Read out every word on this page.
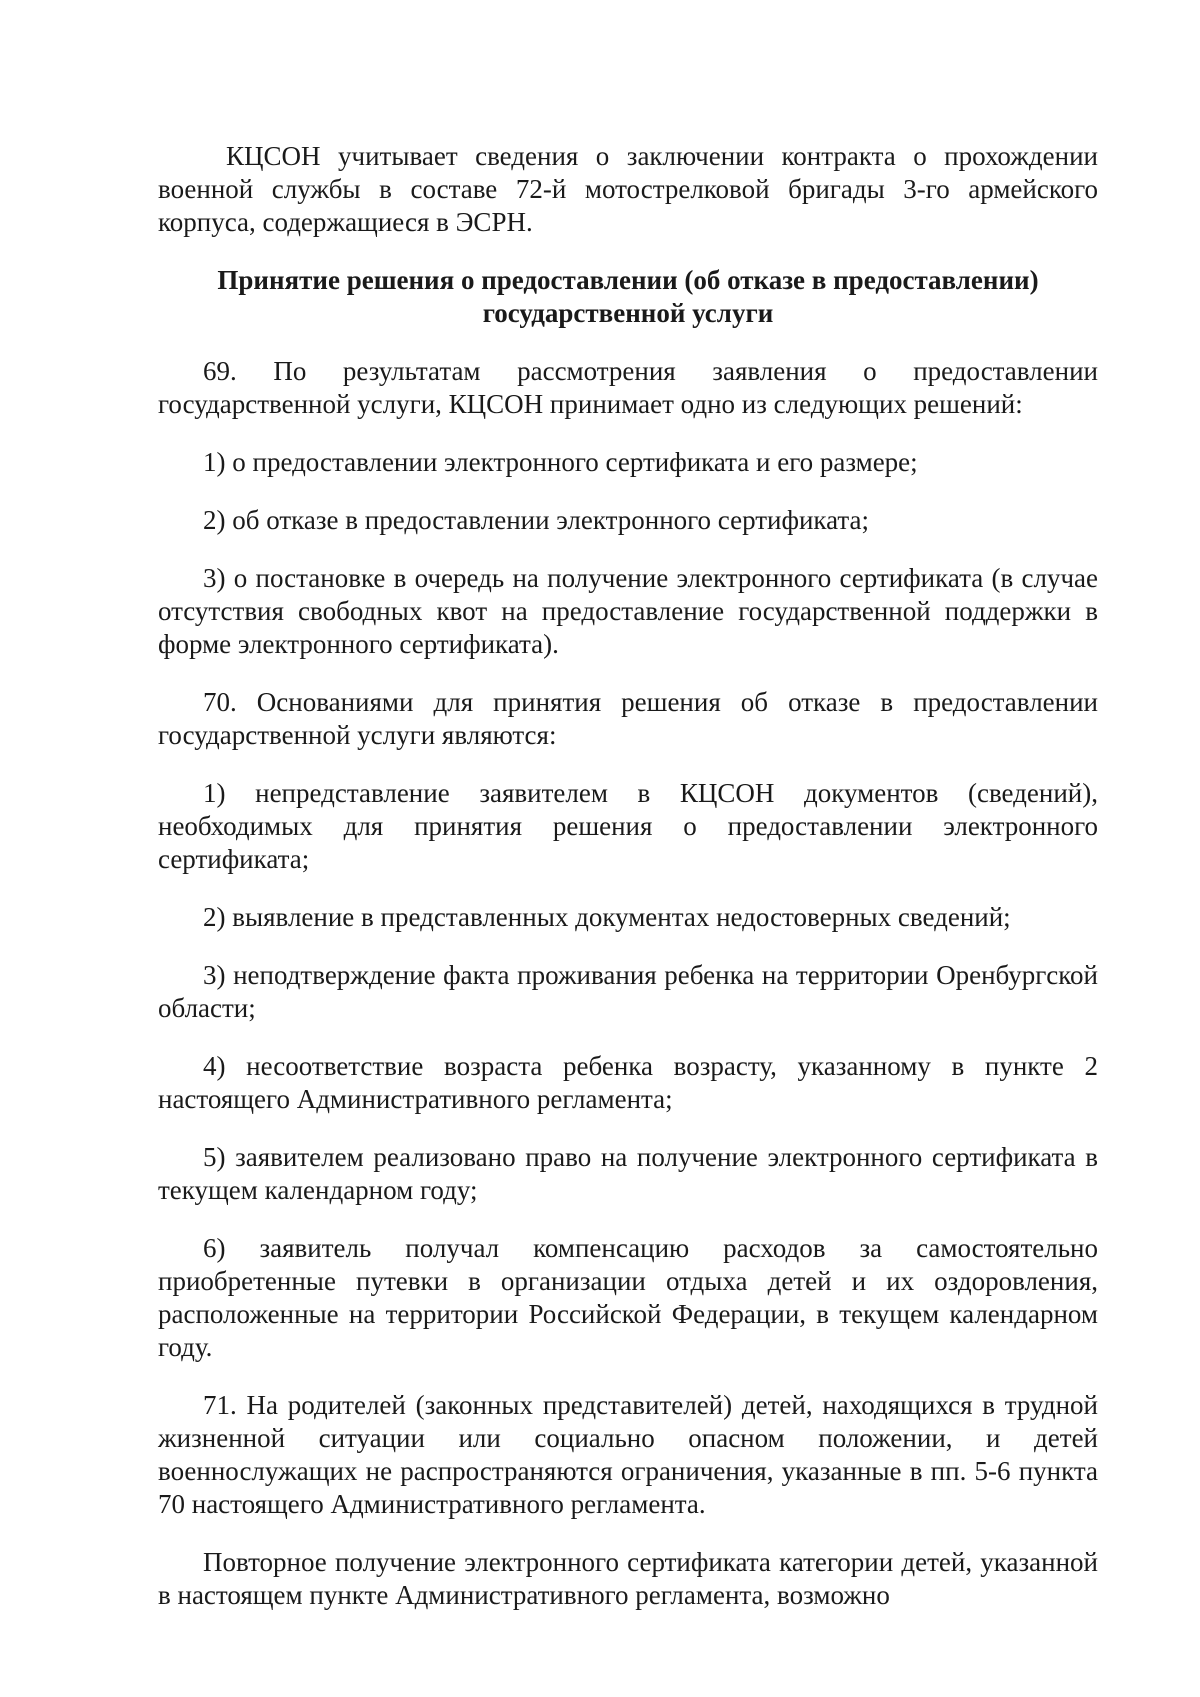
КЦСОН учитывает сведения о заключении контракта о прохождении военной службы в составе 72-й мотострелковой бригады 3-го армейского корпуса, содержащиеся в ЭСРН.

Принятие решения о предоставлении (об отказе в предоставлении)
государственной услуги

69. По результатам рассмотрения заявления о предоставлении государственной услуги, КЦСОН принимает одно из следующих решений:

1) о предоставлении электронного сертификата и его размере;

2) об отказе в предоставлении электронного сертификата;

3) о постановке в очередь на получение электронного сертификата (в случае отсутствия свободных квот на предоставление государственной поддержки в форме электронного сертификата).

70. Основаниями для принятия решения об отказе в предоставлении государственной услуги являются:

1) непредставление заявителем в КЦСОН документов (сведений), необходимых для принятия решения о предоставлении электронного сертификата;

2) выявление в представленных документах недостоверных сведений;

3) неподтверждение факта проживания ребенка на территории Оренбургской области;

4) несоответствие возраста ребенка возрасту, указанному в пункте 2 настоящего Административного регламента;

5) заявителем реализовано право на получение электронного сертификата в текущем календарном году;

6) заявитель получал компенсацию расходов за самостоятельно приобретенные путевки в организации отдыха детей и их оздоровления, расположенные на территории Российской Федерации, в текущем календарном году.

71. На родителей (законных представителей) детей, находящихся в трудной жизненной ситуации или социально опасном положении, и детей военнослужащих не распространяются ограничения, указанные в пп. 5-6 пункта 70 настоящего Административного регламента.

Повторное получение электронного сертификата категории детей, указанной в настоящем пункте Административного регламента, возможно
